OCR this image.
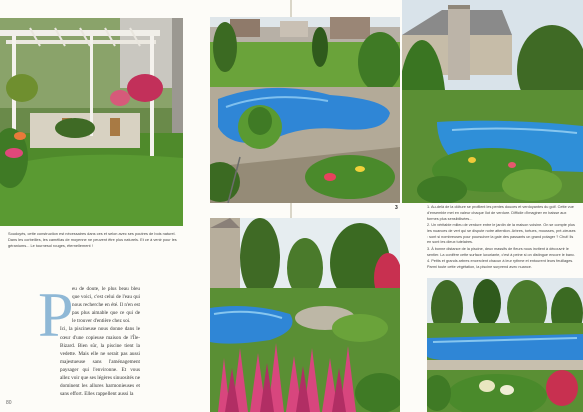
Soudoyés, cette construction est nécessaires dans ces et selon avec ses poutres de bois naturel. Dans les corbeilles, les camélias de moyenne ne peuvent être plus naturels. Et ce à venir pour les géraniums... Le tournesol rouges, éternellement !
P
eu de doute, le plus beau bleu que voici, c'est celui de l'eau qui nous recherche en été. Il n'en est pas plus aimable que ce qui de le trouver d'entière chez soi.
Ici, la piscineuse nous donne dans le cœur d'une copieuse maison de l'Île-Bizard. Bien sûr, la piscine tient la vedette. Mais elle ne serait pas aussi majestueuse sans l'aménagement paysager qui l'environne. Et vous allez voir que ses légères sinuosités ne dominent les allures harmonieuses et sans effort. Elles rappellent aussi la
80
3	1. Au-delà de la clôture se profilent les pentes douces et verdoyantes du golf. Cette vue d'ensemble met en valeur chaque îlot de verdure. Difficile d'imaginer en baisse aux formes plus sensibilisées...

2. Un véritable milieu de verdure entre le jardin de la maison voisine. On se compte plus les nuances de vert qui se dispute notre attention. Arbres, tortues, mousses, pré-cieuses : sont si nombreuses pour poursuivre la gaie des passants un grand potager ? Chut! Ils en sont les dieux tutelaires.

3. À bonne distance de la piscine, deux massifs de fleurs nous invitent à découvrir le sentier. La conifère cette surface luxuriante, c'est à peine si on distingue encore le banc.

4. Petits et grands arbres encerclent chacun à leur rythme et entourent leurs feuillages. Parmi toute cette végétation, la piscine surprend avec nuance.
